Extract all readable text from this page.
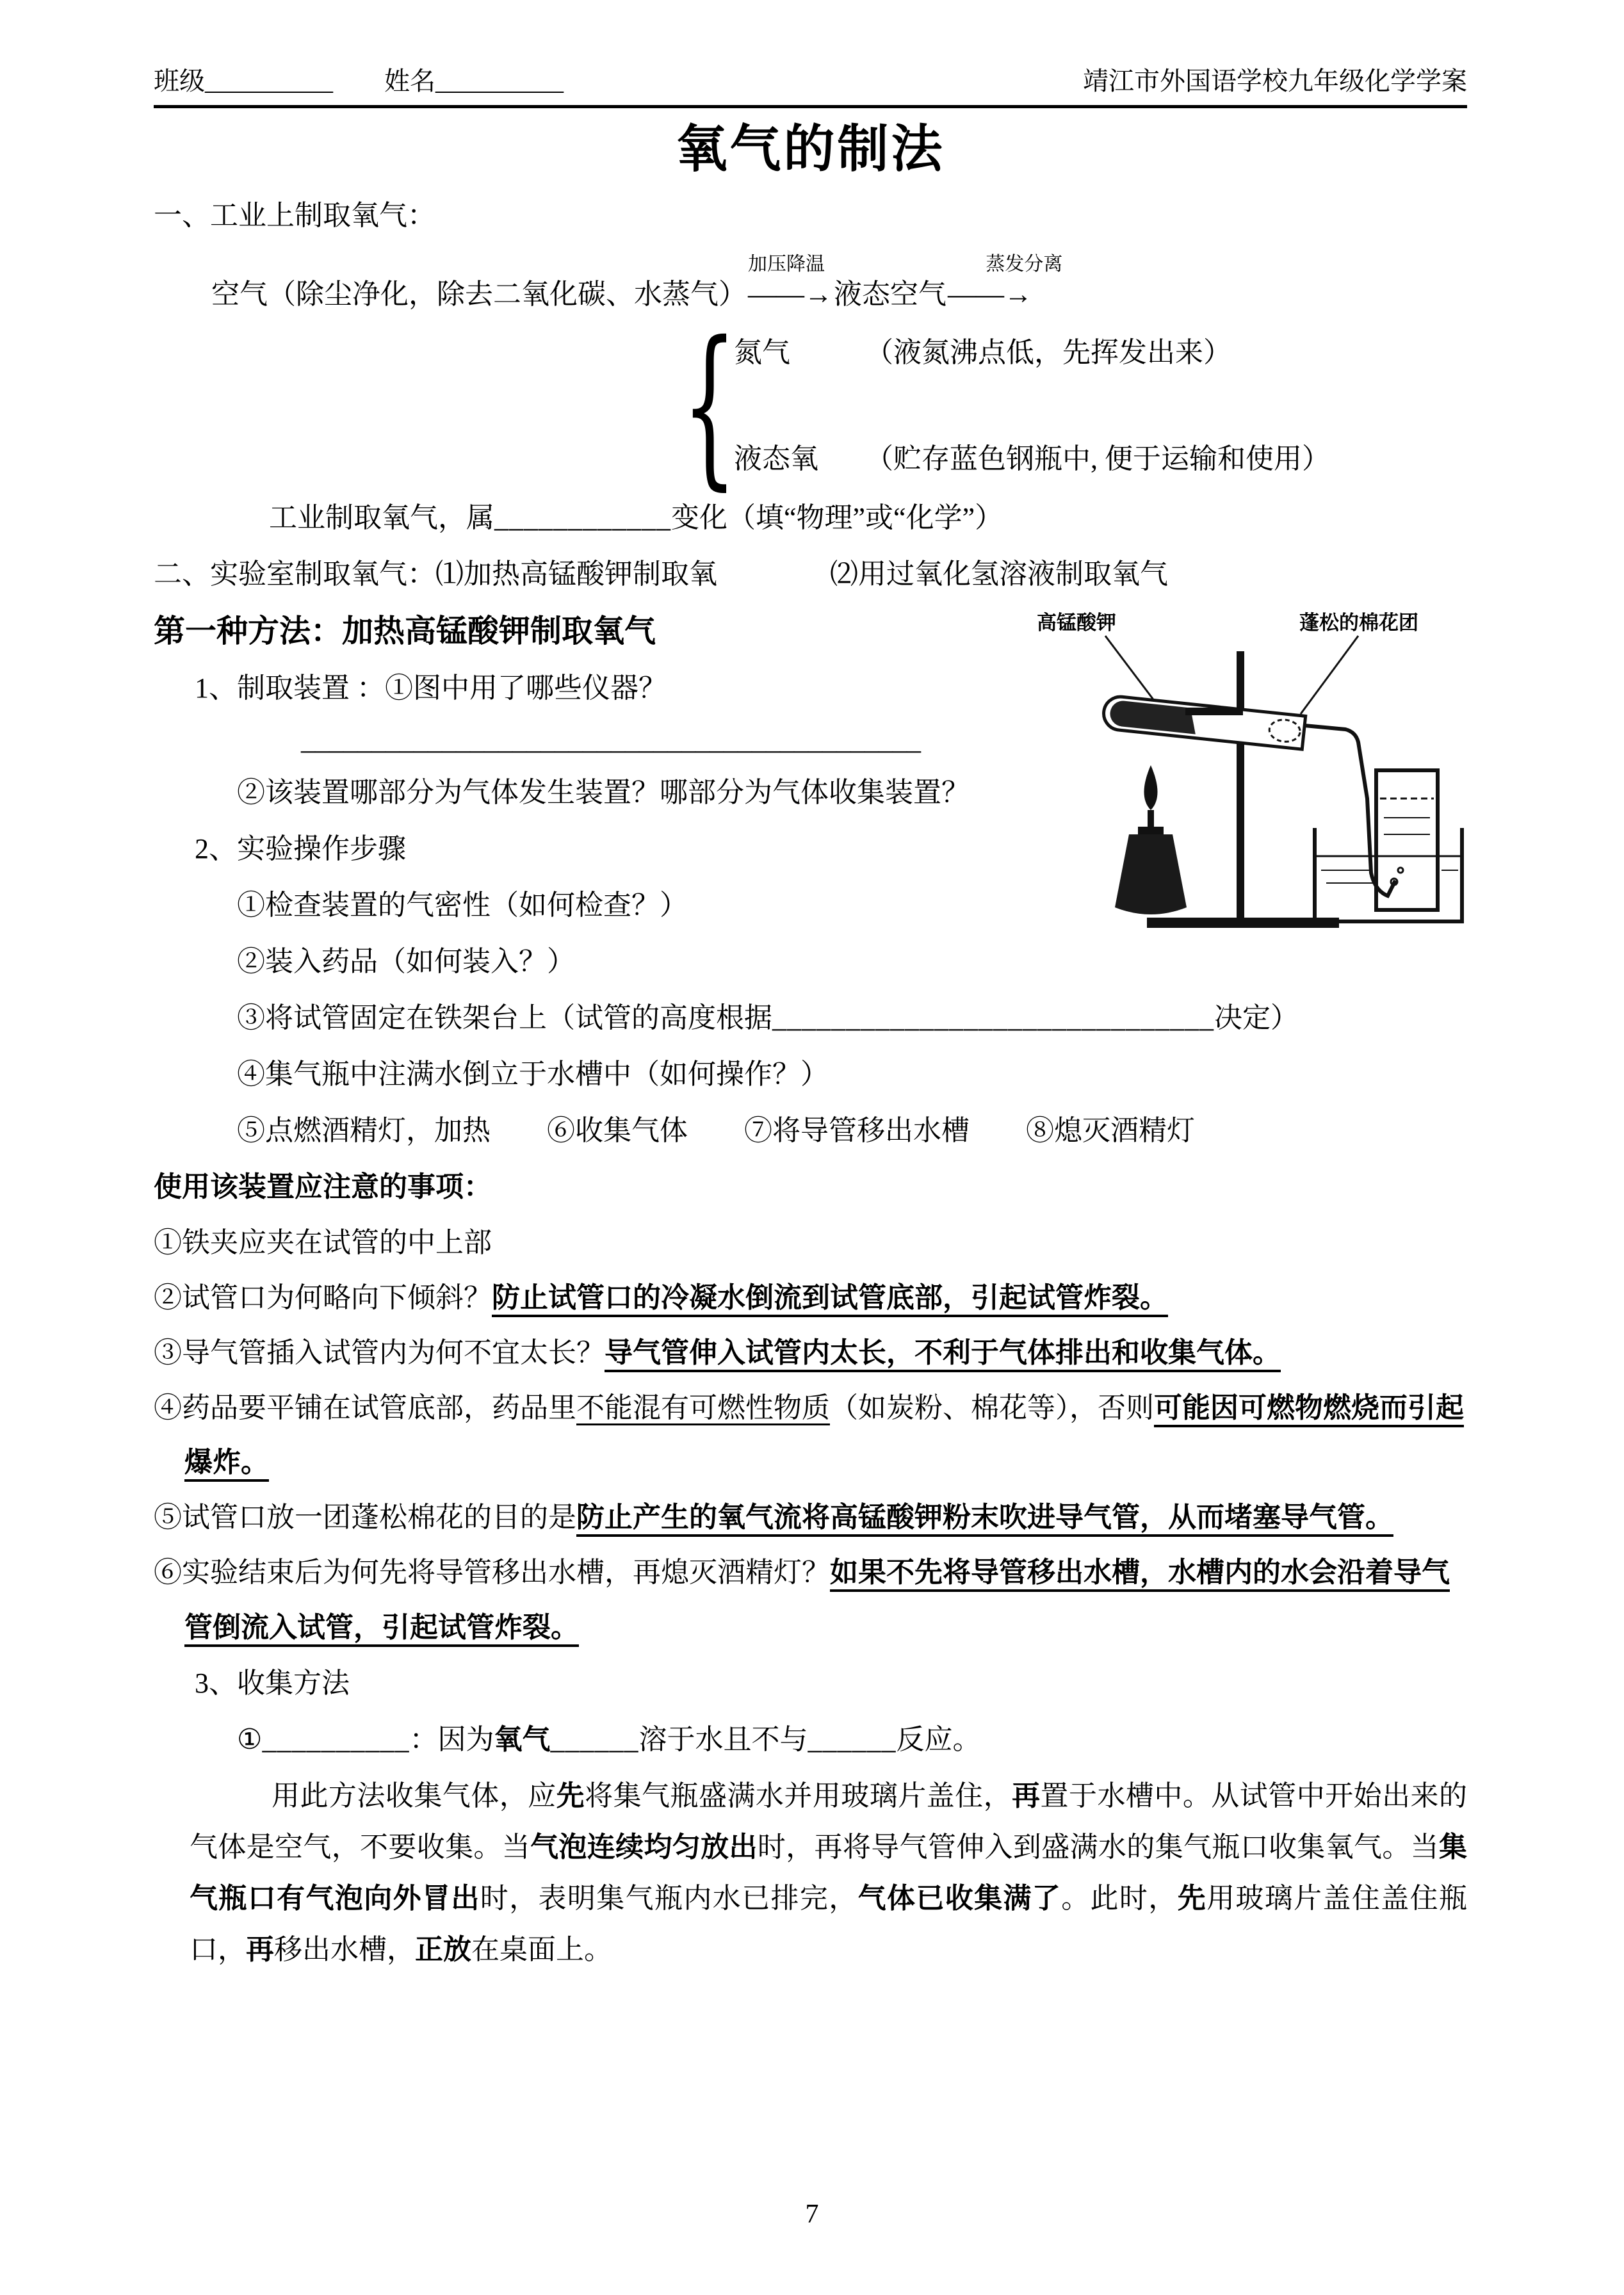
班级__________ 姓名__________	靖江市外国语学校九年级化学学案
氧气的制法
一、工业上制取氧气：
空气（除尘净化，除去二氧化碳、水蒸气）
加压降温
——→液态空气
蒸发分离
——→
{
氮气	（液氮沸点低，先挥发出来）
液态氧 （贮存蓝色钢瓶中, 便于运输和使用）
工业制取氧气，属____________变化（填“物理”或“化学”）
二、实验室制取氧气：⑴加热高锰酸钾制取氧　　　　⑵用过氧化氢溶液制取氧气
高锰酸钾	蓬松的棉花团
第一种方法：加热高锰酸钾制取氧气
1、制取装置 ：①图中用了哪些仪器？
____________________________________________
②该装置哪部分为气体发生装置？哪部分为气体收集装置？
2、实验操作步骤
①检查装置的气密性（如何检查？）
②装入药品（如何装入？）
③将试管固定在铁架台上（试管的高度根据______________________________决定）
④集气瓶中注满水倒立于水槽中（如何操作？）
⑤点燃酒精灯，加热　　⑥收集气体　　⑦将导管移出水槽　　⑧熄灭酒精灯
使用该装置应注意的事项：
①铁夹应夹在试管的中上部
②试管口为何略向下倾斜？防止试管口的冷凝水倒流到试管底部，引起试管炸裂。
③导气管插入试管内为何不宜太长？导气管伸入试管内太长，不利于气体排出和收集气体。
④药品要平铺在试管底部，药品里不能混有可燃性物质（如炭粉、棉花等），否则可能因可燃物燃烧而引起爆炸。
⑤试管口放一团蓬松棉花的目的是防止产生的氧气流将高锰酸钾粉末吹进导气管，从而堵塞导气管。
⑥实验结束后为何先将导管移出水槽，再熄灭酒精灯？如果不先将导管移出水槽，水槽内的水会沿着导气管倒流入试管，引起试管炸裂。
3、收集方法
①__________：因为氧气______溶于水且不与______反应。

用此方法收集气体，应先将集气瓶盛满水并用玻璃片盖住，再置于水槽中。从试管中开始出来的气体是空气，不要收集。当气泡连续均匀放出时，再将导气管伸入到盛满水的集气瓶口收集氧气。当集气瓶口有气泡向外冒出时，表明集气瓶内水已排完，气体已收集满了。此时，先用玻璃片盖住盖住瓶口，再移出水槽，正放在桌面上。

7
